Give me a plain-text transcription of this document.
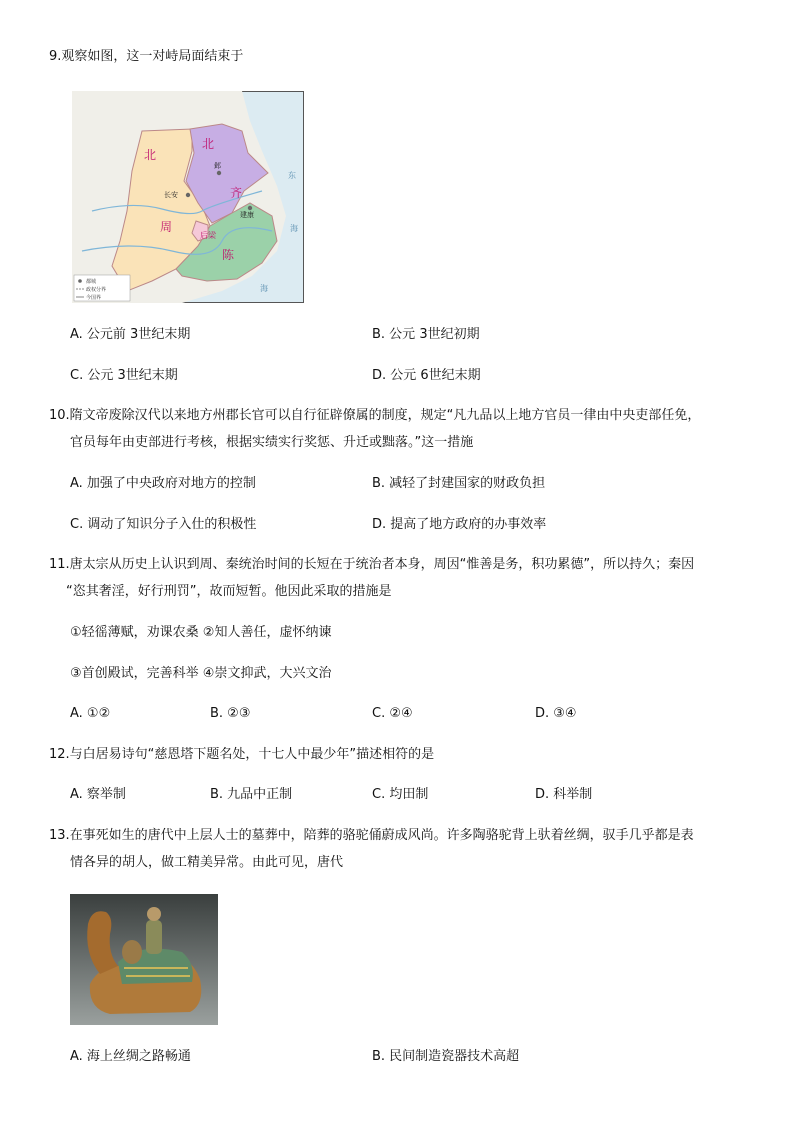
9.观察如图，这一对峙局面结束于
北
周
北
齐
陈
后梁
邺
长安
建康
东
海
海
都城
政权分界
今国界
A. 公元前 3世纪末期	B. 公元 3世纪初期
C. 公元 3世纪末期	D. 公元 6世纪末期
10.隋文帝废除汉代以来地方州郡长官可以自行征辟僚属的制度，规定“凡九品以上地方官员一律由中央吏部任免，
官员每年由吏部进行考核，根据实绩实行奖惩、升迁或黜落。”这一措施
A. 加强了中央政府对地方的控制	B. 减轻了封建国家的财政负担
C. 调动了知识分子入仕的积极性	D. 提高了地方政府的办事效率
11.唐太宗从历史上认识到周、秦统治时间的长短在于统治者本身，周因“惟善是务，积功累德”，所以持久；秦因
“恣其奢淫，好行刑罚”，故而短暂。他因此采取的措施是
①轻徭薄赋，劝课农桑 ②知人善任，虚怀纳谏
③首创殿试，完善科举 ④崇文抑武，大兴文治
A. ①②	B. ②③	C. ②④	D. ③④
12.与白居易诗句“慈恩塔下题名处，十七人中最少年”描述相符的是
A. 察举制	B. 九品中正制	C. 均田制	D. 科举制
13.在事死如生的唐代中上层人士的墓葬中，陪葬的骆驼俑蔚成风尚。许多陶骆驼背上驮着丝绸，驭手几乎都是表
情各异的胡人，做工精美异常。由此可见，唐代
A. 海上丝绸之路畅通	B. 民间制造瓷器技术高超
